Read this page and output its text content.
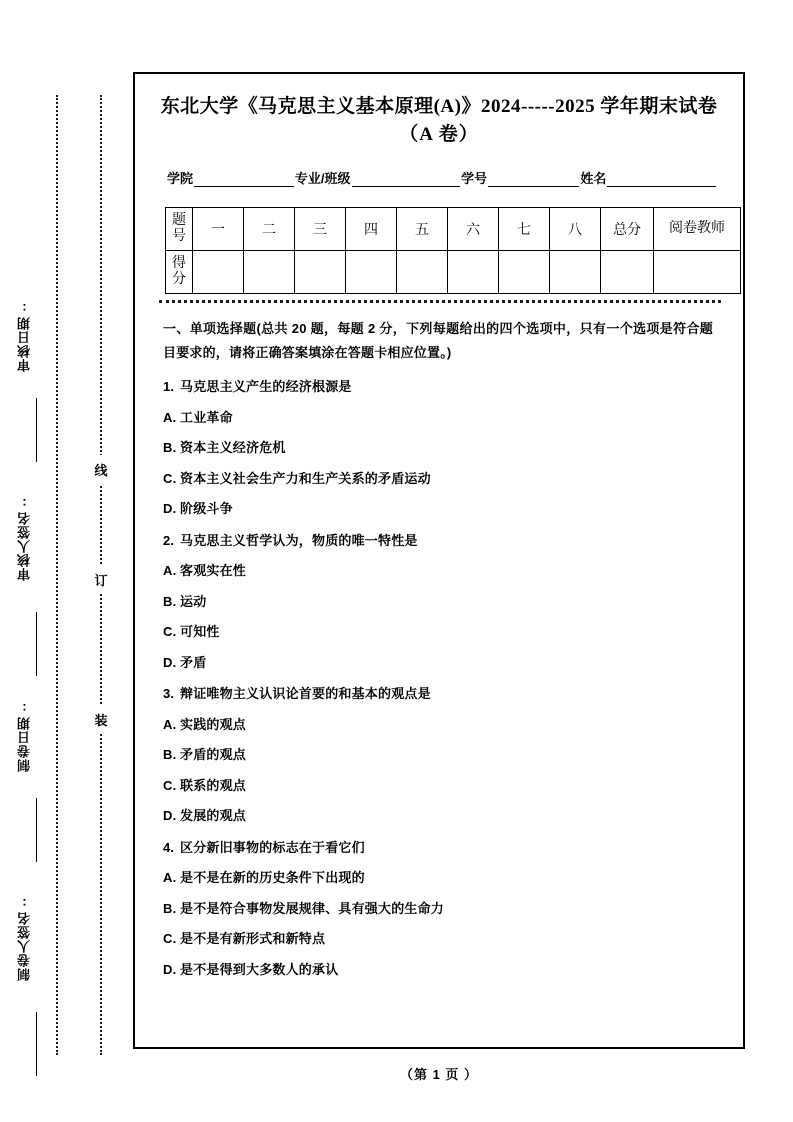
审核日期:
审核人签名:
制卷日期:
制卷人签名:
线
订
装
东北大学《马克思主义基本原理(A)》2024-----2025 学年期末试卷
（A 卷）
学院	专业/班级	学号	姓名
题号	一	二	三	四	五	六	七	八	总分	阅卷教师
得分										
一、单项选择题(总共 20 题，每题 2 分，下列每题给出的四个选项中，只有一个选项是符合题目要求的，请将正确答案填涂在答题卡相应位置。)
1. 马克思主义产生的经济根源是
A. 工业革命
B. 资本主义经济危机
C. 资本主义社会生产力和生产关系的矛盾运动
D. 阶级斗争
2. 马克思主义哲学认为，物质的唯一特性是
A. 客观实在性
B. 运动
C. 可知性
D. 矛盾
3. 辩证唯物主义认识论首要的和基本的观点是
A. 实践的观点
B. 矛盾的观点
C. 联系的观点
D. 发展的观点
4. 区分新旧事物的标志在于看它们
A. 是不是在新的历史条件下出现的
B. 是不是符合事物发展规律、具有强大的生命力
C. 是不是有新形式和新特点
D. 是不是得到大多数人的承认
（第 1 页 ）
